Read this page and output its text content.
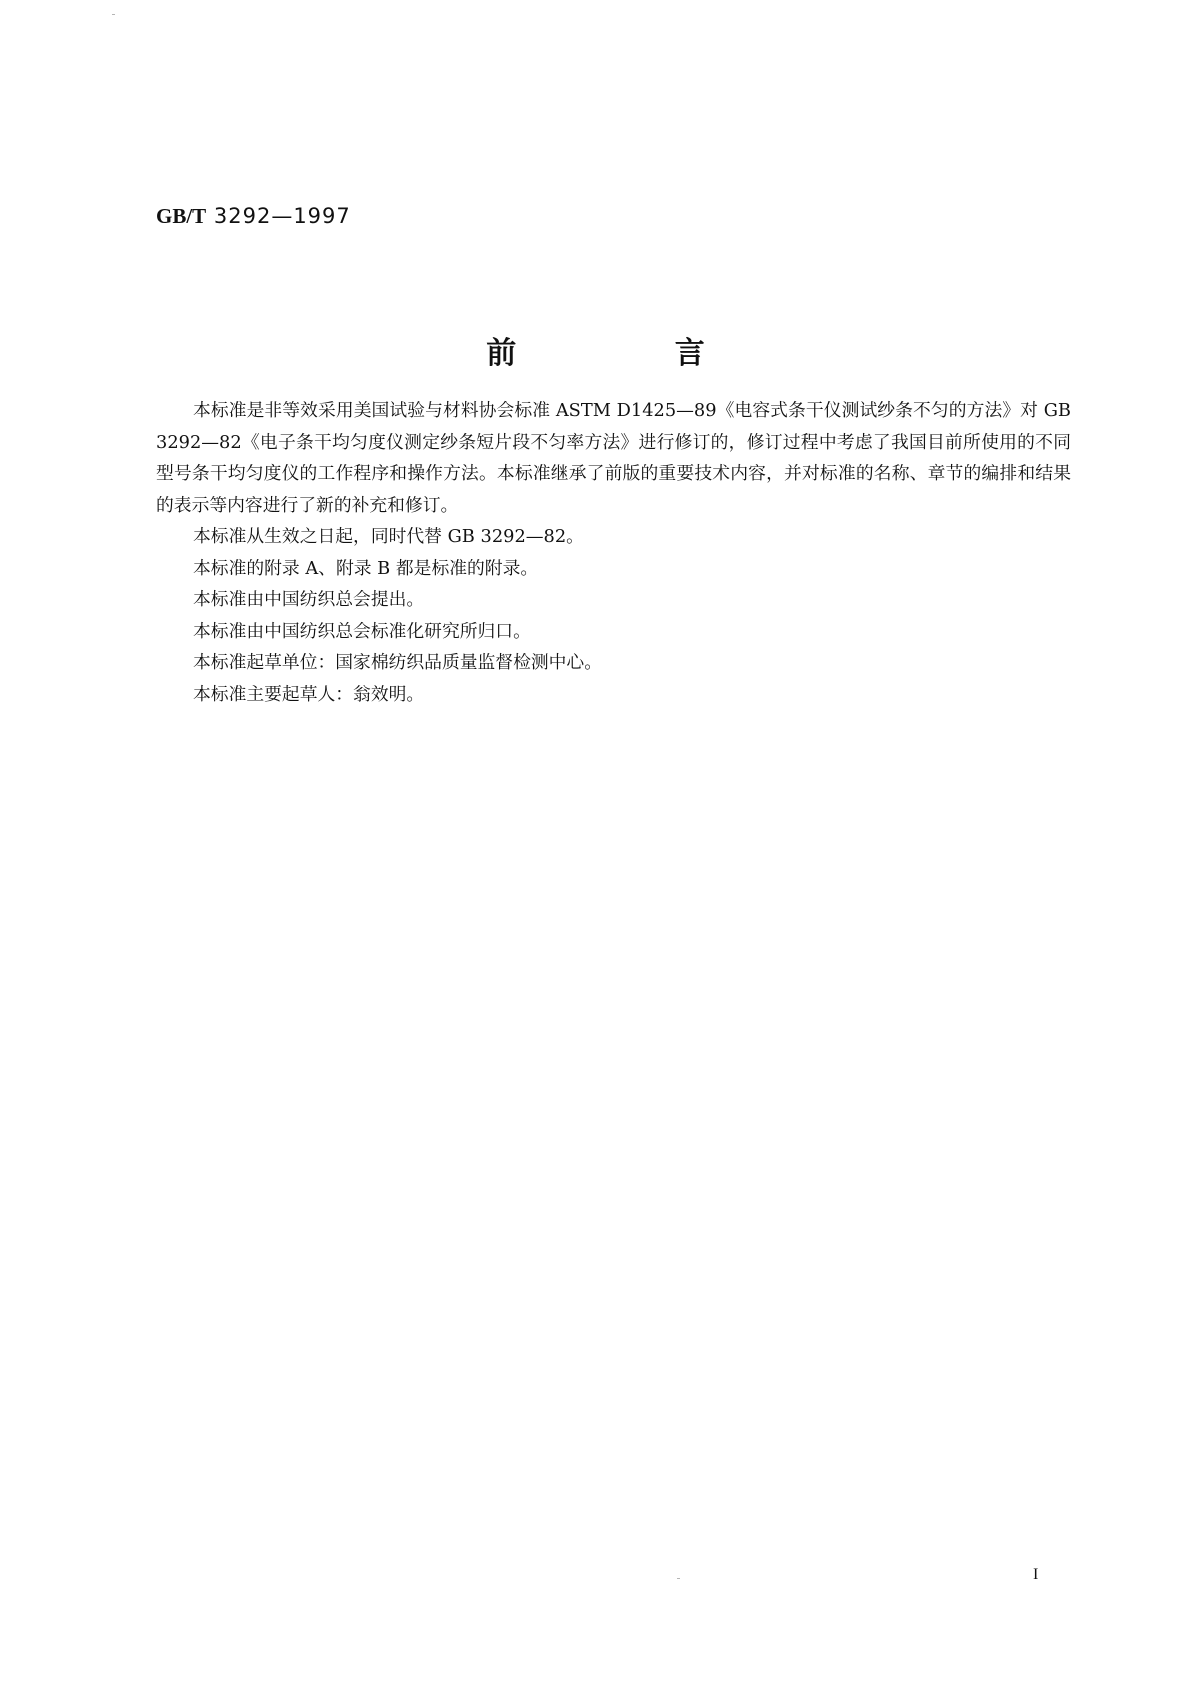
GB/T 3292—1997
前 言

本标准是非等效采用美国试验与材料协会标准 ASTM D1425—89《电容式条干仪测试纱条不匀的方法》对 GB 3292—82《电子条干均匀度仪测定纱条短片段不匀率方法》进行修订的，修订过程中考虑了我国目前所使用的不同型号条干均匀度仪的工作程序和操作方法。本标准继承了前版的重要技术内容，并对标准的名称、章节的编排和结果的表示等内容进行了新的补充和修订。

本标准从生效之日起，同时代替 GB 3292—82。

本标准的附录 A、附录 B 都是标准的附录。

本标准由中国纺织总会提出。

本标准由中国纺织总会标准化研究所归口。

本标准起草单位：国家棉纺织品质量监督检测中心。

本标准主要起草人：翁效明。

I
